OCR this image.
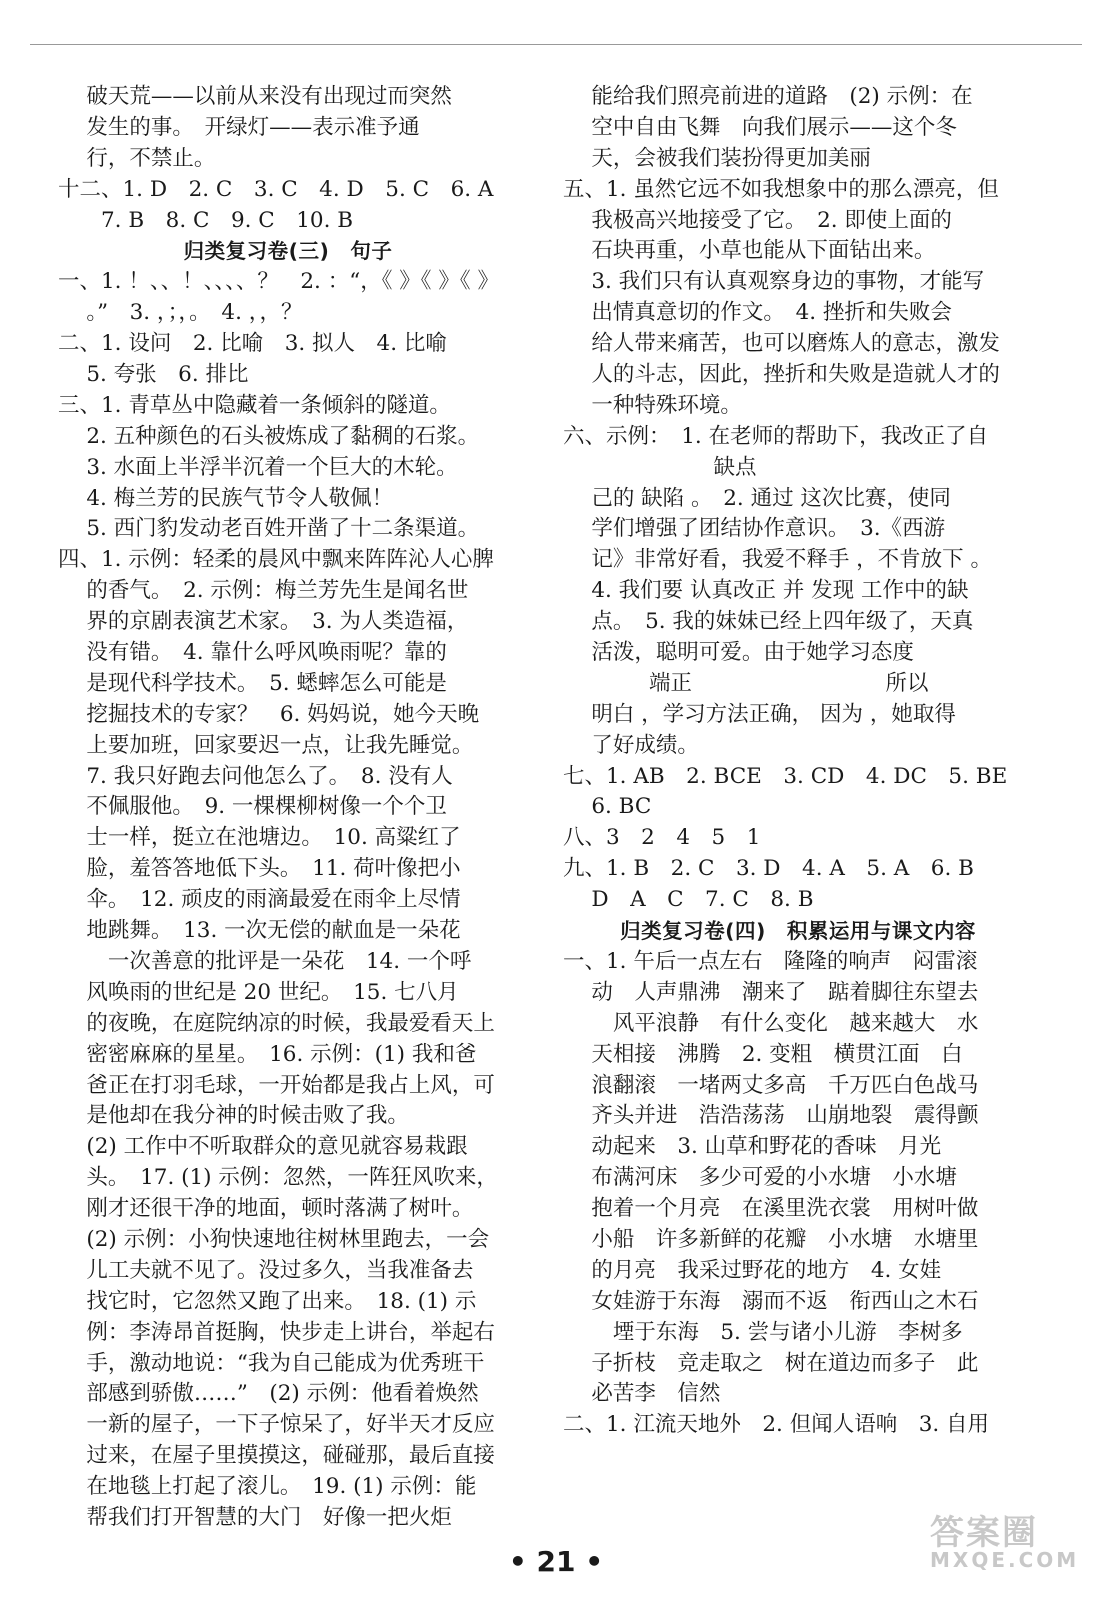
　 破天荒——以前从来没有出现过而突然
　 发生的事。　开绿灯——表示准予通
　 行，不禁止。
十二、1. D　2. C　3. C　4. D　5. C　6. A
　　7. B　8. C　9. C　10. B
归类复习卷(三)　句子
一、1. ！、、！、、、、？　2. ：“，《 》《 》《 》
　 。”　3. ，；，。　4. ，，？
二、1. 设问　2. 比喻　3. 拟人　4. 比喻
　 5. 夸张　6. 排比
三、1. 青草丛中隐藏着一条倾斜的隧道。
　 2. 五种颜色的石头被炼成了黏稠的石浆。
　 3. 水面上半浮半沉着一个巨大的木轮。
　 4. 梅兰芳的民族气节令人敬佩！
　 5. 西门豹发动老百姓开凿了十二条渠道。
四、1. 示例：轻柔的晨风中飘来阵阵沁人心脾
　 的香气。　2. 示例：梅兰芳先生是闻名世
　 界的京剧表演艺术家。　3. 为人类造福，
　 没有错。　4. 靠什么呼风唤雨呢？靠的
　 是现代科学技术。　5. 蟋蟀怎么可能是
　 挖掘技术的专家？　6. 妈妈说，她今天晚
　 上要加班，回家要迟一点，让我先睡觉。
　 7. 我只好跑去问他怎么了。　8. 没有人
　 不佩服他。　9. 一棵棵柳树像一个个卫
　 士一样，挺立在池塘边。　10. 高粱红了
　 脸，羞答答地低下头。　11. 荷叶像把小
　 伞。　12. 顽皮的雨滴最爱在雨伞上尽情
　 地跳舞。　13. 一次无偿的献血是一朵花
　 　一次善意的批评是一朵花　14. 一个呼
　 风唤雨的世纪是 20 世纪。　15. 七八月
　 的夜晚，在庭院纳凉的时候，我最爱看天上
　 密密麻麻的星星。　16. 示例：(1) 我和爸
　 爸正在打羽毛球，一开始都是我占上风，可
　 是他却在我分神的时候击败了我。
　 (2) 工作中不听取群众的意见就容易栽跟
　 头。　17. (1) 示例：忽然，一阵狂风吹来，
　 刚才还很干净的地面，顿时落满了树叶。
　 (2) 示例：小狗快速地往树林里跑去，一会
　 儿工夫就不见了。没过多久，当我准备去
　 找它时，它忽然又跑了出来。　18. (1) 示
　 例：李涛昂首挺胸，快步走上讲台，举起右
　 手，激动地说：“我为自己能成为优秀班干
　 部感到骄傲……”　(2) 示例：他看着焕然
　 一新的屋子，一下子惊呆了，好半天才反应
　 过来，在屋子里摸摸这，碰碰那，最后直接
　 在地毯上打起了滚儿。　19. (1) 示例：能
　 帮我们打开智慧的大门　好像一把火炬
　 能给我们照亮前进的道路　(2) 示例：在
　 空中自由飞舞　向我们展示——这个冬
　 天，会被我们装扮得更加美丽
五、1. 虽然它远不如我想象中的那么漂亮，但
　 我极高兴地接受了它。　2. 即使上面的
　 石块再重，小草也能从下面钻出来。
　 3. 我们只有认真观察身边的事物，才能写
　 出情真意切的作文。　4. 挫折和失败会
　 给人带来痛苦，也可以磨炼人的意志，激发
　 人的斗志，因此，挫折和失败是造就人才的
　 一种特殊环境。
六、示例：　1. 在老师的帮助下，我改正了自
　　　　　　　缺点
　 己的 缺陷 。　2. 通过 这次比赛，使同
　 学们增强了团结协作意识。　3.《西游
　 记》非常好看，我爱不释手 ，不肯放下 。
　 4. 我们要 认真改正 并 发现 工作中的缺
　 点。　5. 我的妹妹已经上四年级了，天真
　 活泼，聪明可爱。由于她学习态度
　　　　端正　　　　　　　　　所以
　 明白 ，学习方法正确， 因为 ，她取得
　 了好成绩。
七、1. AB　2. BCE　3. CD　4. DC　5. BE
　 6. BC
八、3　2　4　5　1
九、1. B　2. C　3. D　4. A　5. A　6. B
　 D　A　C　7. C　8. B
归类复习卷(四)　积累运用与课文内容
一、1. 午后一点左右　隆隆的响声　闷雷滚
　 动　人声鼎沸　潮来了　踮着脚往东望去
　 　风平浪静　有什么变化　越来越大　水
　 天相接　沸腾　2. 变粗　横贯江面　白
　 浪翻滚　一堵两丈多高　千万匹白色战马
　 齐头并进　浩浩荡荡　山崩地裂　震得颤
　 动起来　3. 山草和野花的香味　月光
　 布满河床　多少可爱的小水塘　小水塘
　 抱着一个月亮　在溪里洗衣裳　用树叶做
　 小船　许多新鲜的花瓣　小水塘　水塘里
　 的月亮　我采过野花的地方　4. 女娃
　 女娃游于东海　溺而不返　衔西山之木石
　 　堙于东海　5. 尝与诸小儿游　李树多
　 子折枝　竞走取之　树在道边而多子　此
　 必苦李　信然
二、1. 江流天地外　2. 但闻人语响　3. 自用
• 21 •
答案圈
MXQE.COM
